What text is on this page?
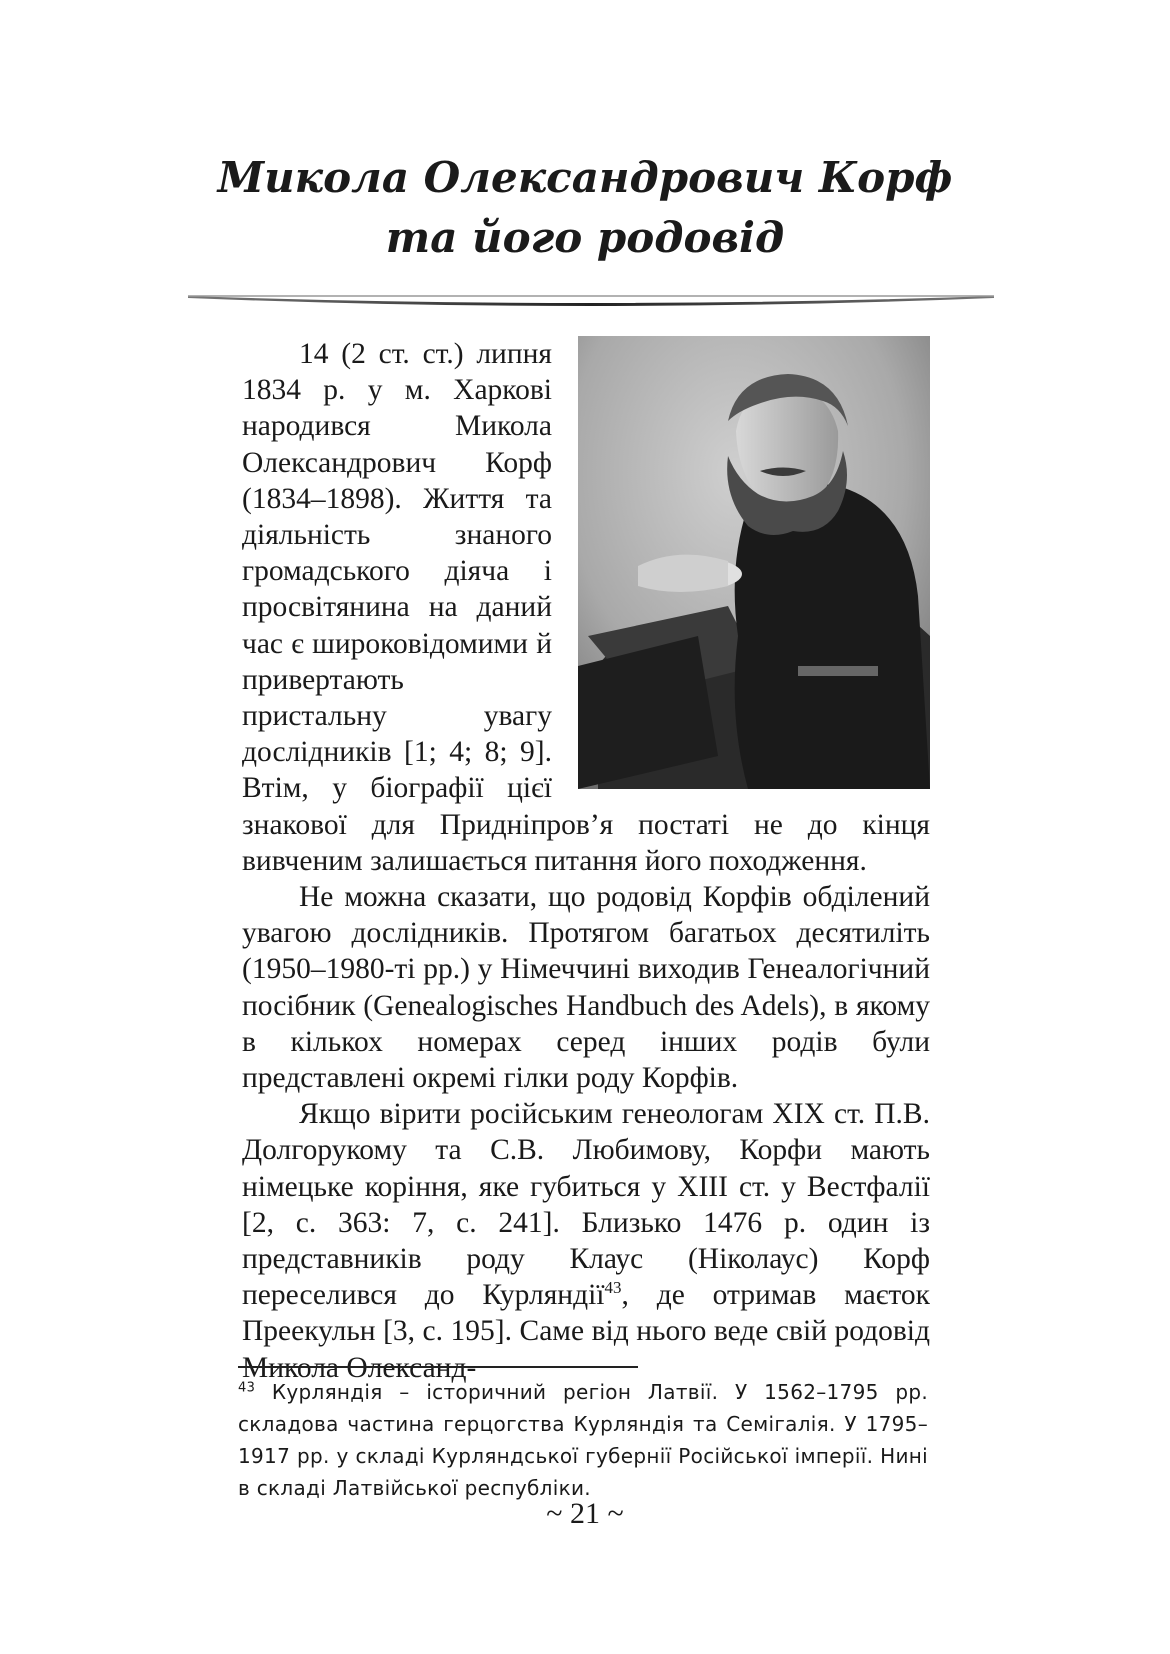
Микола Олександрович Корф

та його родовід

14 (2 ст. ст.) липня 1834 р. у м. Харкові народився Микола Олександрович Корф (1834–1898). Життя та діяльність знаного громадського діяча і просвітянина на даний час є широковідомими й привертають пристальну увагу дослідників [1; 4; 8; 9]. Втім, у біографії цієї знакової для Придніпров’я постаті не до кінця вивченим залишається питання його походження.

Не можна сказати, що родовід Корфів обділений увагою дослідників. Протягом багатьох десятиліть (1950–1980-ті рр.) у Німеччині виходив Генеалогічний посібник (Genealogisches Handbuch des Adels), в якому в кількох номерах серед інших родів були представлені окремі гілки роду Корфів.

Якщо вірити російським генеологам XIX ст. П.В. Долгорукому та С.В. Любимову, Корфи мають німецьке коріння, яке губиться у XIII ст. у Вестфалії [2, с. 363: 7, с. 241]. Близько 1476 р. один із представників роду Клаус (Ніколаус) Корф переселився до Курляндії$^{43}$, де отримав маєток Преекульн [3, с. 195]. Саме від нього веде свій родовід Микола Олександ-

$^{43}$ Курляндія – історичний регіон Латвії. У 1562–1795 рр. складова частина герцогства Курляндія та Семігалія. У 1795–1917 рр. у складі Курляндської губернії Російської імперії. Нині в складі Латвійської республіки.
~ 21 ~
